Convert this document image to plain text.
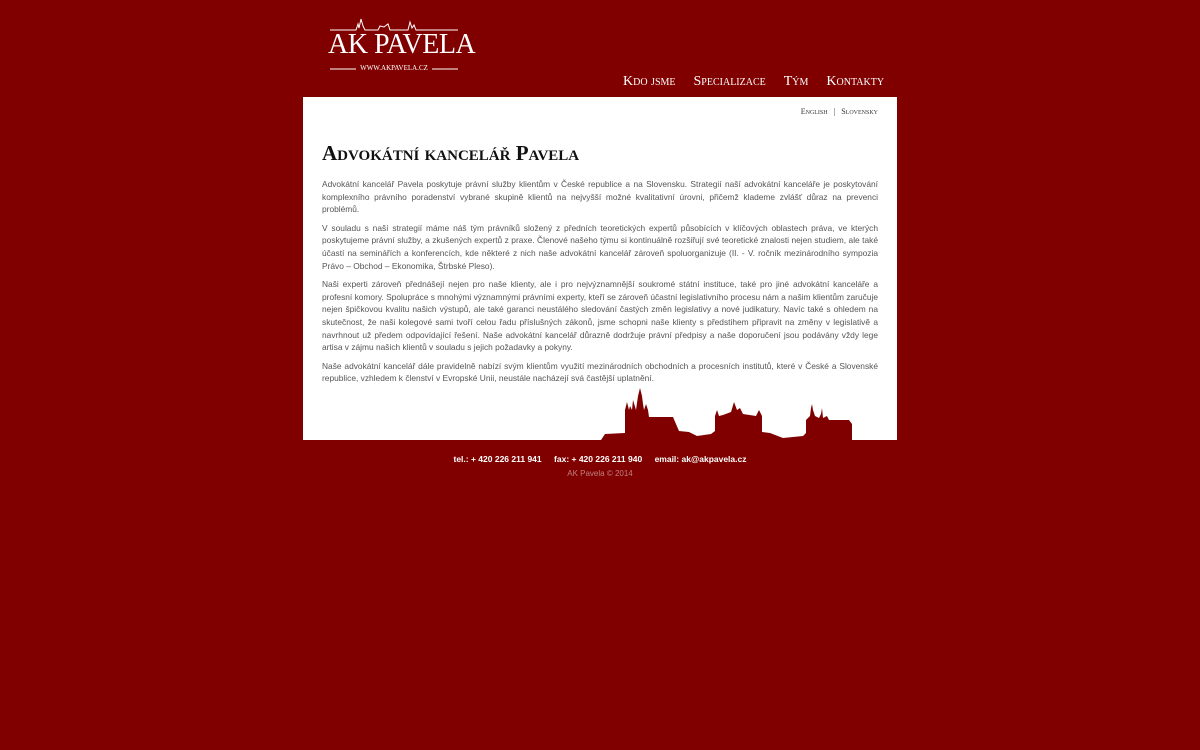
AK PAVELA
WWW.AKPAVELA.CZ
Kdo jsme Specializace Tým Kontakty
English | Slovensky
Advokátní kancelář Pavela

Advokátní kancelář Pavela poskytuje právní služby klientům v České republice a na Slovensku. Strategií naší advokátní kanceláře je poskytování komplexního právního poradenství vybrané skupině klientů na nejvyšší možné kvalitativní úrovni, přičemž klademe zvlášť důraz na prevenci problémů.

V souladu s naší strategií máme náš tým právníků složený z předních teoretických expertů působících v klíčových oblastech práva, ve kterých poskytujeme právní služby, a zkušených expertů z praxe. Členové našeho týmu si kontinuálně rozšiřují své teoretické znalosti nejen studiem, ale také účastí na seminářích a konferencích, kde některé z nich naše advokátní kancelář zároveň spoluorganizuje (II. - V. ročník mezinárodního sympozia Právo – Obchod – Ekonomika, Štrbské Pleso).

Naši experti zároveň přednášejí nejen pro naše klienty, ale i pro nejvýznamnější soukromé státní instituce, také pro jiné advokátní kanceláře a profesní komory. Spolupráce s mnohými významnými právními experty, kteří se zároveň účastní legislativního procesu nám a našim klientům zaručuje nejen špičkovou kvalitu našich výstupů, ale také garanci neustálého sledování častých změn legislativy a nové judikatury. Navíc také s ohledem na skutečnost, že naši kolegové sami tvoří celou řadu příslušných zákonů, jsme schopni naše klienty s předstihem připravit na změny v legislativě a navrhnout už předem odpovídající řešení. Naše advokátní kancelář důrazně dodržuje právní předpisy a naše doporučení jsou podávány vždy lege artisa v zájmu našich klientů v souladu s jejich požadavky a pokyny.

Naše advokátní kancelář dále pravidelně nabízí svým klientům využití mezinárodních obchodních a procesních institutů, které v České a Slovenské republice, vzhledem k členství v Evropské Unii, neustále nacházejí svá častější uplatnění.

tel.: + 420 226 211 941 fax: + 420 226 211 940 email: ak@akpavela.cz
AK Pavela © 2014
